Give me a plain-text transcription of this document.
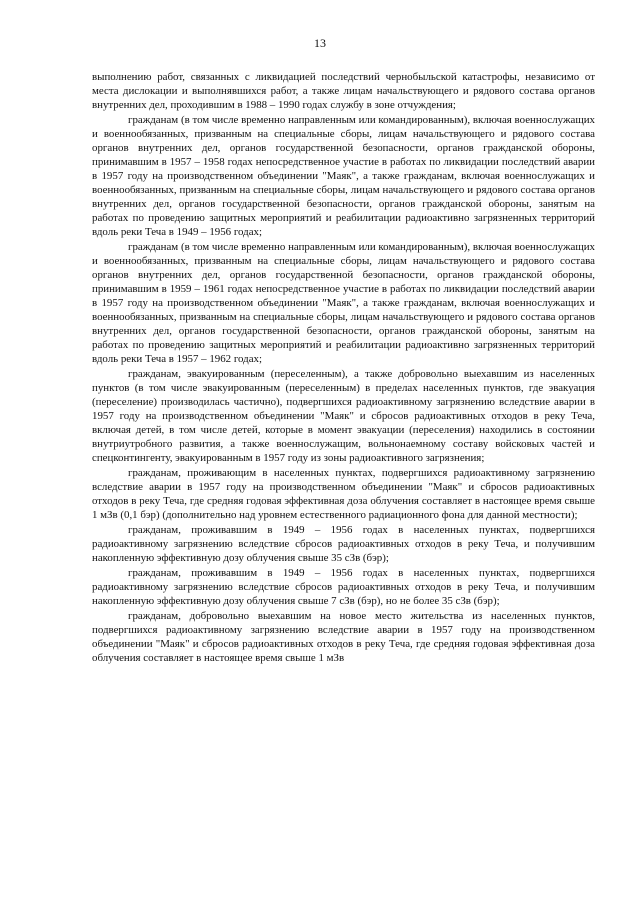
13

выполнению работ, связанных с ликвидацией последствий чернобыльской катастрофы, независимо от места дислокации и выполнявшихся работ, а также лицам начальствующего и рядового состава органов внутренних дел, проходившим в 1988 – 1990 годах службу в зоне отчуждения;

гражданам (в том числе временно направленным или командированным), включая военнослужащих и военнообязанных, призванным на специальные сборы, лицам начальствующего и рядового состава органов внутренних дел, органов государственной безопасности, органов гражданской обороны, принимавшим в 1957 – 1958 годах непосредственное участие в работах по ликвидации последствий аварии в 1957 году на производственном объединении "Маяк", а также гражданам, включая военнослужащих и военнообязанных, призванным на специальные сборы, лицам начальствующего и рядового состава органов внутренних дел, органов государственной безопасности, органов гражданской обороны, занятым на работах по проведению защитных мероприятий и реабилитации радиоактивно загрязненных территорий вдоль реки Теча в 1949 – 1956 годах;

гражданам (в том числе временно направленным или командированным), включая военнослужащих и военнообязанных, призванным на специальные сборы, лицам начальствующего и рядового состава органов внутренних дел, органов государственной безопасности, органов гражданской обороны, принимавшим в 1959 – 1961 годах непосредственное участие в работах по ликвидации последствий аварии в 1957 году на производственном объединении "Маяк", а также гражданам, включая военнослужащих и военнообязанных, призванным на специальные сборы, лицам начальствующего и рядового состава органов внутренних дел, органов государственной безопасности, органов гражданской обороны, занятым на работах по проведению защитных мероприятий и реабилитации радиоактивно загрязненных территорий вдоль реки Теча в 1957 – 1962 годах;

гражданам, эвакуированным (переселенным), а также добровольно выехавшим из населенных пунктов (в том числе эвакуированным (переселенным) в пределах населенных пунктов, где эвакуация (переселение) производилась частично), подвергшихся радиоактивному загрязнению вследствие аварии в 1957 году на производственном объединении "Маяк" и сбросов радиоактивных отходов в реку Теча, включая детей, в том числе детей, которые в момент эвакуации (переселения) находились в состоянии внутриутробного развития, а также военнослужащим, вольнонаемному составу войсковых частей и спецконтингенту, эвакуированным в 1957 году из зоны радиоактивного загрязнения;

гражданам, проживающим в населенных пунктах, подвергшихся радиоактивному загрязнению вследствие аварии в 1957 году на производственном объединении "Маяк" и сбросов радиоактивных отходов в реку Теча, где средняя годовая эффективная доза облучения составляет в настоящее время свыше 1 мЗв (0,1 бэр) (дополнительно над уровнем естественного радиационного фона для данной местности);

гражданам, проживавшим в 1949 – 1956 годах в населенных пунктах, подвергшихся радиоактивному загрязнению вследствие сбросов радиоактивных отходов в реку Теча, и получившим накопленную эффективную дозу облучения свыше 35 сЗв (бэр);

гражданам, проживавшим в 1949 – 1956 годах в населенных пунктах, подвергшихся радиоактивному загрязнению вследствие сбросов радиоактивных отходов в реку Теча, и получившим накопленную эффективную дозу облучения свыше 7 сЗв (бэр), но не более 35 сЗв (бэр);

гражданам, добровольно выехавшим на новое место жительства из населенных пунктов, подвергшихся радиоактивному загрязнению вследствие аварии в 1957 году на производственном объединении "Маяк" и сбросов радиоактивных отходов в реку Теча, где средняя годовая эффективная доза облучения составляет в настоящее время свыше 1 мЗв
